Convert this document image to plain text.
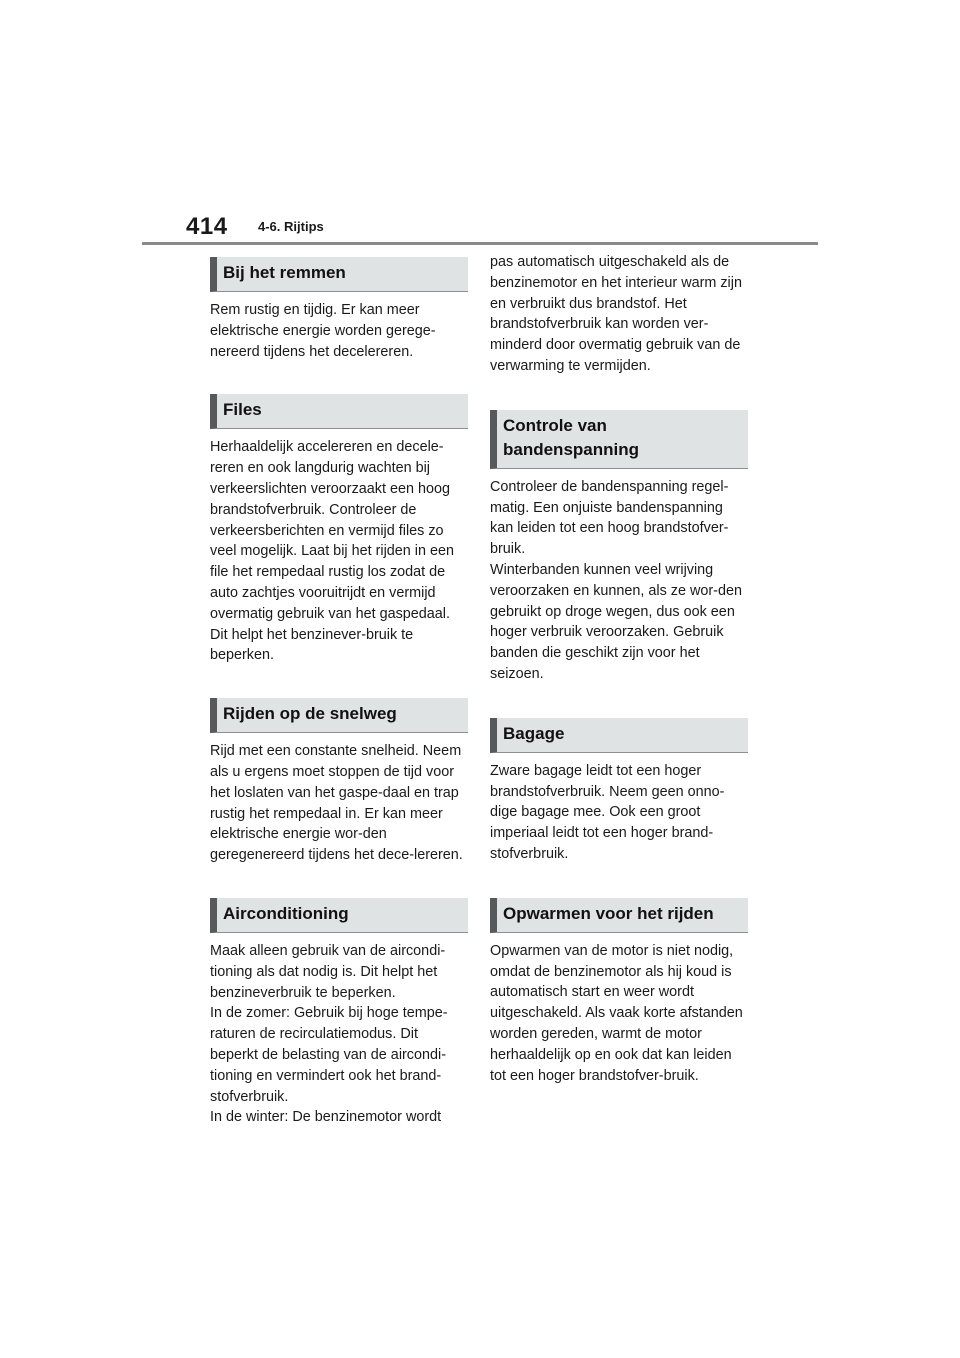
414 4-6. Rijtips
Bij het remmen

Rem rustig en tijdig. Er kan meer elektrische energie worden gerege-nereerd tijdens het decelereren.

Files

Herhaaldelijk accelereren en decele-reren en ook langdurig wachten bij verkeerslichten veroorzaakt een hoog brandstofverbruik. Controleer de verkeersberichten en vermijd files zo veel mogelijk. Laat bij het rijden in een file het rempedaal rustig los zodat de auto zachtjes vooruitrijdt en vermijd overmatig gebruik van het gaspedaal. Dit helpt het benzinever-bruik te beperken.

Rijden op de snelweg

Rijd met een constante snelheid. Neem als u ergens moet stoppen de tijd voor het loslaten van het gaspe-daal en trap rustig het rempedaal in. Er kan meer elektrische energie wor-den geregenereerd tijdens het dece-lereren.

Airconditioning

Maak alleen gebruik van de aircondi-tioning als dat nodig is. Dit helpt het benzineverbruik te beperken.

In de zomer: Gebruik bij hoge tempe-raturen de recirculatiemodus. Dit beperkt de belasting van de aircondi-tioning en vermindert ook het brand-stofverbruik.

In de winter: De benzinemotor wordt

pas automatisch uitgeschakeld als de benzinemotor en het interieur warm zijn en verbruikt dus brandstof. Het brandstofverbruik kan worden ver-minderd door overmatig gebruik van de verwarming te vermijden.

Controle van bandenspanning

Controleer de bandenspanning regel-matig. Een onjuiste bandenspanning kan leiden tot een hoog brandstofver-bruik.

Winterbanden kunnen veel wrijving veroorzaken en kunnen, als ze wor-den gebruikt op droge wegen, dus ook een hoger verbruik veroorzaken. Gebruik banden die geschikt zijn voor het seizoen.

Bagage

Zware bagage leidt tot een hoger brandstofverbruik. Neem geen onno-dige bagage mee. Ook een groot imperiaal leidt tot een hoger brand-stofverbruik.

Opwarmen voor het rijden

Opwarmen van de motor is niet nodig, omdat de benzinemotor als hij koud is automatisch start en weer wordt uitgeschakeld. Als vaak korte afstanden worden gereden, warmt de motor herhaaldelijk op en ook dat kan leiden tot een hoger brandstofver-bruik.
